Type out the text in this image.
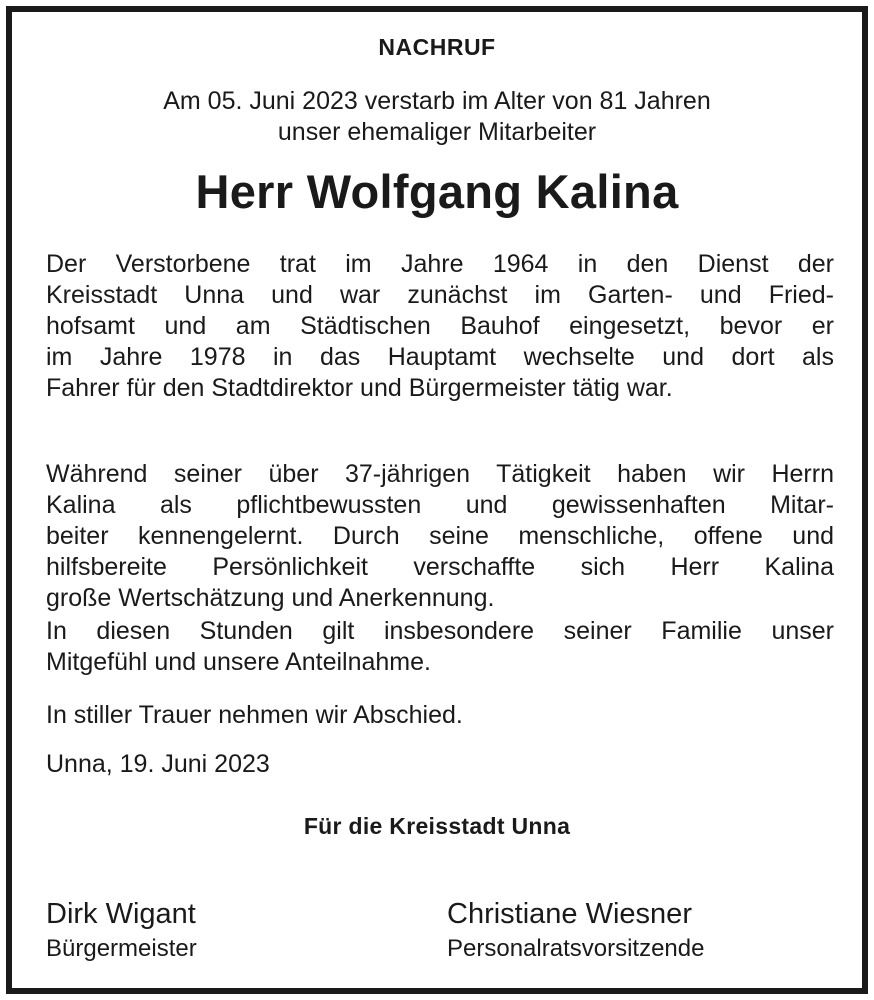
NACHRUF
Am 05. Juni 2023 verstarb im Alter von 81 Jahren
unser ehemaliger Mitarbeiter
Herr Wolfgang Kalina
Der Verstorbene trat im Jahre 1964 in den Dienst der
Kreisstadt Unna und war zunächst im Garten- und Fried-
hofsamt und am Städtischen Bauhof eingesetzt, bevor er
im Jahre 1978 in das Hauptamt wechselte und dort als
Fahrer für den Stadtdirektor und Bürgermeister tätig war.
Während seiner über 37-jährigen Tätigkeit haben wir Herrn
Kalina als pflichtbewussten und gewissenhaften Mitar-
beiter kennengelernt. Durch seine menschliche, offene und
hilfsbereite Persönlichkeit verschaffte sich Herr Kalina
große Wertschätzung und Anerkennung.
In diesen Stunden gilt insbesondere seiner Familie unser
Mitgefühl und unsere Anteilnahme.
In stiller Trauer nehmen wir Abschied.
Unna, 19. Juni 2023
Für die Kreisstadt Unna
Dirk Wigant
Bürgermeister
Christiane Wiesner
Personalratsvorsitzende
